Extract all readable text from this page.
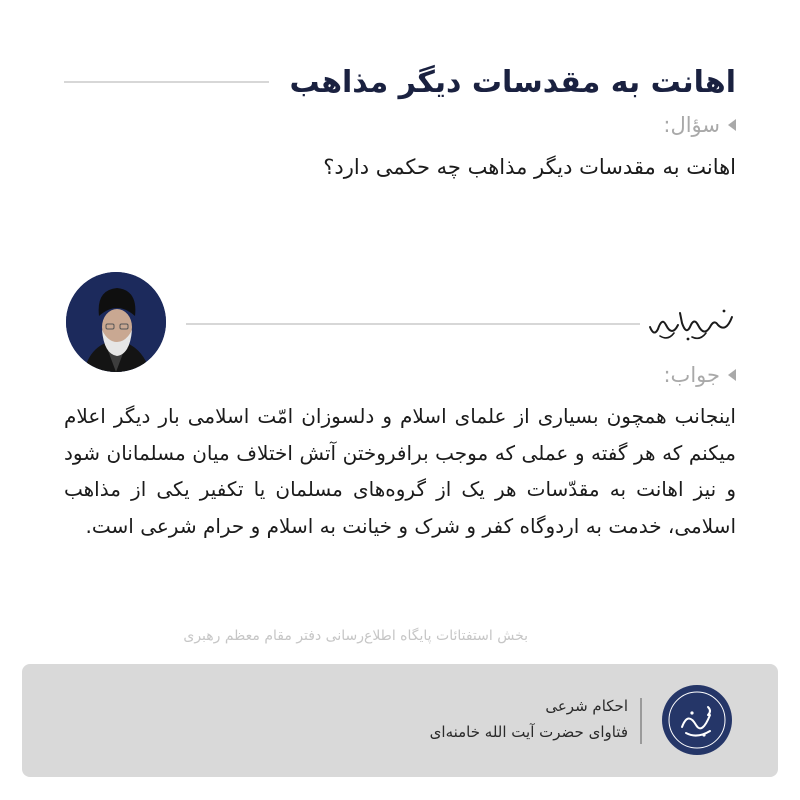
اهانت به مقدسات دیگر مذاهب
سؤال:

اهانت به مقدسات دیگر مذاهب چه حکمی دارد؟

جواب:

اینجانب همچون بسیاری از علمای اسلام و دلسوزان امّت اسلامی بار دیگر اعلام میکنم که هر گفته و عملی که موجب برافروختن آتش اختلاف میان مسلمانان شود و نیز اهانت به مقدّسات هر یک از گروه‌های مسلمان یا تکفیر یکی از مذاهب اسلامی، خدمت به اردوگاه کفر و شرک و خیانت به اسلام و حرام شرعی است.

بخش استفتائات پایگاه اطلاع‌رسانی دفتر مقام معظم رهبری
احکام شرعی
فتاوای حضرت آیت الله خامنه‌ای
